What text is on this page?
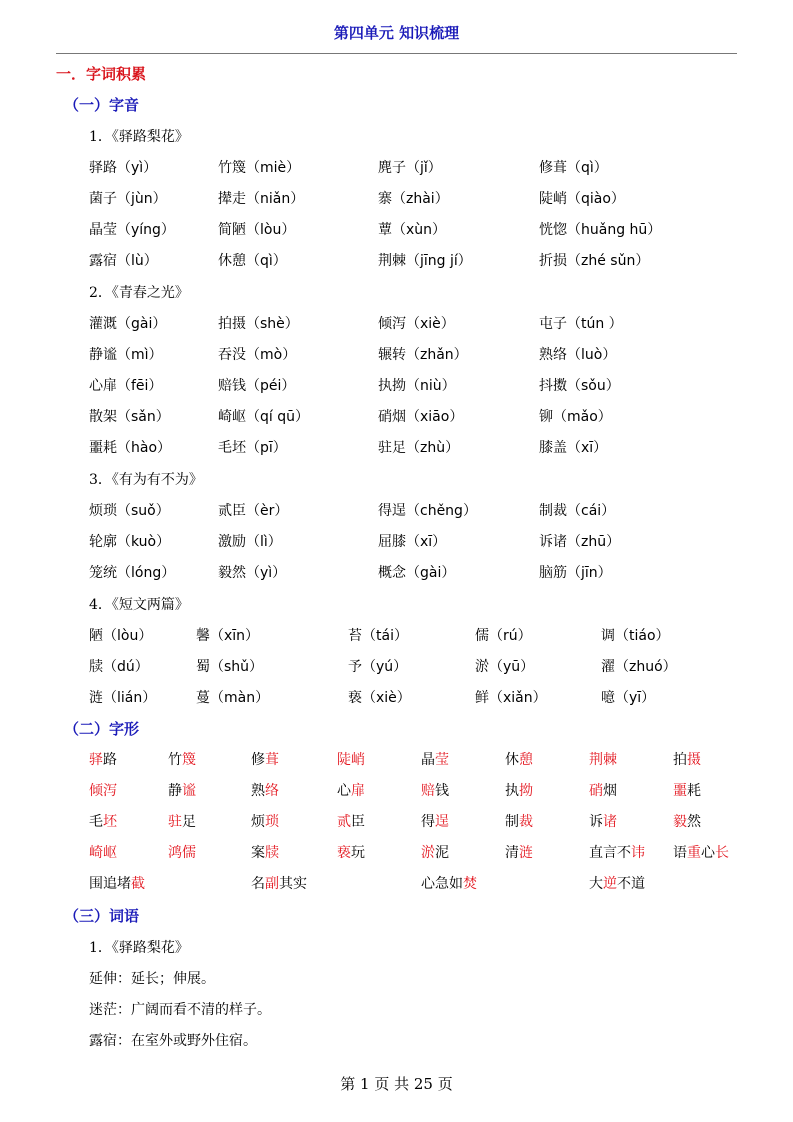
第四单元 知识梳理
一．字词积累
（一）字音
1．《驿路梨花》
2．《青春之光》
3．《有为有不为》
4．《短文两篇》
驿路（yì）	竹篾（miè）	麂子（jǐ）	修葺（qì）
菌子（jùn）	撵走（niǎn）	寨（zhài）	陡峭（qiào）
晶莹（yíng）	简陋（lòu）	蕈（xùn）	恍惚（huǎng hū）
露宿（lù）	休憩（qì）	荆棘（jīng jí）	折损（zhé sǔn）
灌溉（gài）	拍摄（shè）	倾泻（xiè）	屯子（tún ）
静谧（mì）	吞没（mò）	辗转（zhǎn）	熟络（luò）
心扉（fēi）	赔钱（péi）	执拗（niù）	抖擞（sǒu）
散架（sǎn）	崎岖（qí qū）	硝烟（xiāo）	铆（mǎo）
噩耗（hào）	毛坯（pī）	驻足（zhù）	膝盖（xī）
烦琐（suǒ）	贰臣（èr）	得逞（chěng）	制裁（cái）
轮廓（kuò）	激励（lì）	屈膝（xī）	诉诸（zhū）
笼统（lóng）	毅然（yì）	概念（gài）	脑筋（jīn）
陋（lòu）	馨（xīn）	苔（tái）	儒（rú）	调（tiáo）
牍（dú）	蜀（shǔ）	予（yú）	淤（yū）	濯（zhuó）
涟（lián）	蔓（màn）	亵（xiè）	鲜（xiǎn）	噫（yī）
（二）字形
驿路	竹篾	修葺	陡峭	晶莹	休憩	荆棘	拍摄
倾泻	静谧	熟络	心扉	赔钱	执拗	硝烟	噩耗
毛坯	驻足	烦琐	贰臣	得逞	制裁	诉诸	毅然
崎岖	鸿儒	案牍	亵玩	淤泥	清涟	直言不讳 语重心长
围追堵截	名副其实	心急如焚	大逆不道
（三）词语
1．《驿路梨花》
延伸：延长；伸展。
迷茫：广阔而看不清的样子。
露宿：在室外或野外住宿。
第 1 页 共 25 页
